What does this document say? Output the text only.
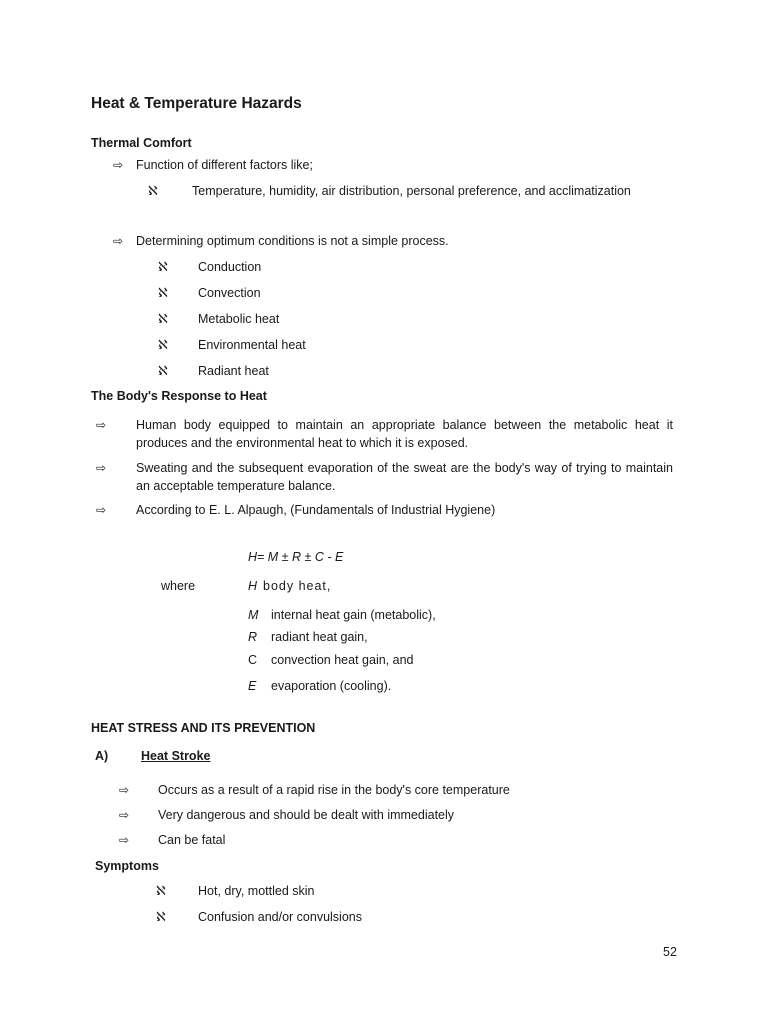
Heat & Temperature Hazards
Thermal Comfort
⇨ Function of different factors like;
ℵ	Temperature, humidity, air distribution, personal preference, and acclimatization
⇨ Determining optimum conditions is not a simple process.
ℵ Conduction
ℵ Convection
ℵ Metabolic heat
ℵ Environmental heat
ℵ Radiant heat
The Body's Response to Heat
⇨ Human body equipped to maintain an appropriate balance between the metabolic heat it produces and the environmental heat to which it is exposed.
⇨ Sweating and the subsequent evaporation of the sweat are the body's way of trying to maintain an acceptable temperature balance.
⇨ According to E. L. Alpaugh, (Fundamentals of Industrial Hygiene)
H= M ± R ± C - E
where	H body heat,
M internal heat gain (metabolic),
R radiant heat gain,
C convection heat gain, and
E evaporation (cooling).
HEAT STRESS AND ITS PREVENTION
A)	Heat Stroke
⇨ Occurs as a result of a rapid rise in the body's core temperature
⇨ Very dangerous and should be dealt with immediately
⇨ Can be fatal
Symptoms
ℵ	Hot, dry, mottled skin
ℵ	Confusion and/or convulsions
52
